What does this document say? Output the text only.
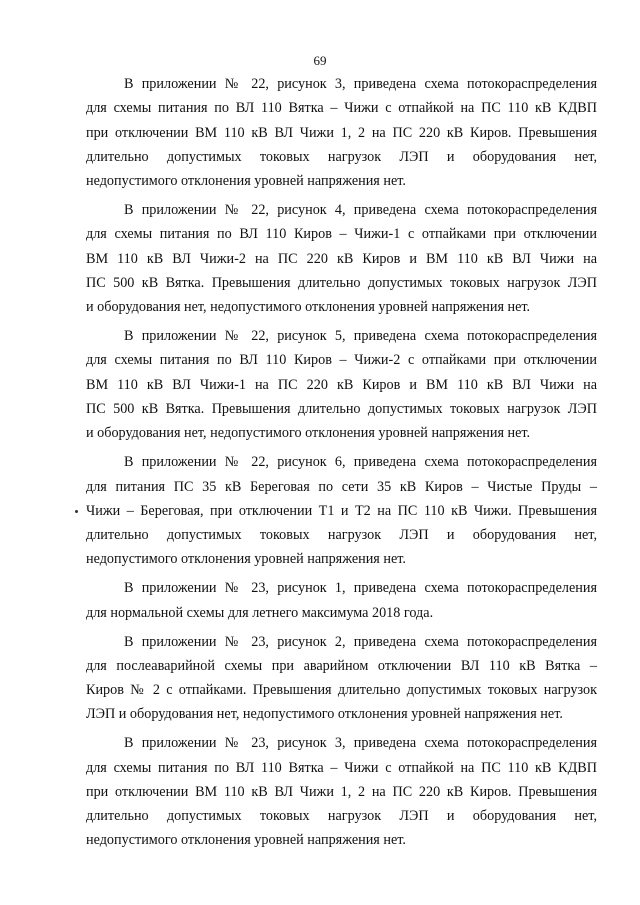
69
В приложении № 22, рисунок 3, приведена схема потокораспределения
для схемы питания по ВЛ 110 Вятка – Чижи с отпайкой на ПС 110 кВ КДВП
при отключении ВМ 110 кВ ВЛ Чижи 1, 2 на ПС 220 кВ Киров. Превышения
длительно допустимых токовых нагрузок ЛЭП и оборудования нет,
недопустимого отклонения уровней напряжения нет.
В приложении № 22, рисунок 4, приведена схема потокораспределения
для схемы питания по ВЛ 110 Киров – Чижи-1 с отпайками при отключении
ВМ 110 кВ ВЛ Чижи-2 на ПС 220 кВ Киров и ВМ 110 кВ ВЛ Чижи на
ПС 500 кВ Вятка. Превышения длительно допустимых токовых нагрузок ЛЭП
и оборудования нет, недопустимого отклонения уровней напряжения нет.
В приложении № 22, рисунок 5, приведена схема потокораспределения
для схемы питания по ВЛ 110 Киров – Чижи-2 с отпайками при отключении
ВМ 110 кВ ВЛ Чижи-1 на ПС 220 кВ Киров и ВМ 110 кВ ВЛ Чижи на
ПС 500 кВ Вятка. Превышения длительно допустимых токовых нагрузок ЛЭП
и оборудования нет, недопустимого отклонения уровней напряжения нет.
В приложении № 22, рисунок 6, приведена схема потокораспределения
для питания ПС 35 кВ Береговая по сети 35 кВ Киров – Чистые Пруды –
Чижи – Береговая, при отключении Т1 и Т2 на ПС 110 кВ Чижи. Превышения
длительно допустимых токовых нагрузок ЛЭП и оборудования нет,
недопустимого отклонения уровней напряжения нет.
В приложении № 23, рисунок 1, приведена схема потокораспределения
для нормальной схемы для летнего максимума 2018 года.
В приложении № 23, рисунок 2, приведена схема потокораспределения
для послеаварийной схемы при аварийном отключении ВЛ 110 кВ Вятка –
Киров № 2 с отпайками. Превышения длительно допустимых токовых нагрузок
ЛЭП и оборудования нет, недопустимого отклонения уровней напряжения нет.
В приложении № 23, рисунок 3, приведена схема потокораспределения
для схемы питания по ВЛ 110 Вятка – Чижи с отпайкой на ПС 110 кВ КДВП
при отключении ВМ 110 кВ ВЛ Чижи 1, 2 на ПС 220 кВ Киров. Превышения
длительно допустимых токовых нагрузок ЛЭП и оборудования нет,
недопустимого отклонения уровней напряжения нет.
